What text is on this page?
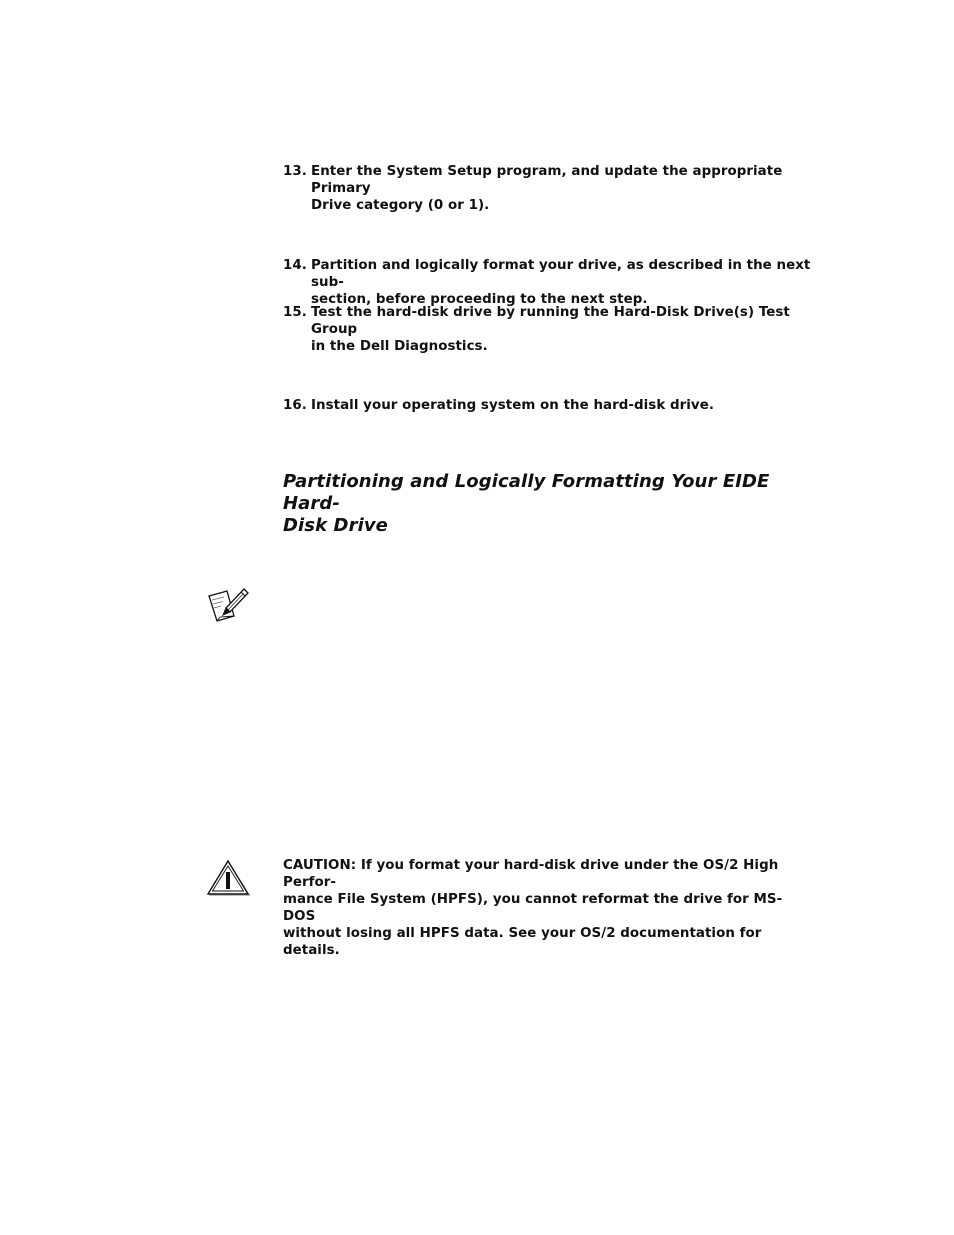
13. Enter the System Setup program, and update the appropriate Primary
Drive category (0 or 1).
14. Partition and logically format your drive, as described in the next sub-
section, before proceeding to the next step.
15. Test the hard-disk drive by running the Hard-Disk Drive(s) Test Group
in the Dell Diagnostics.
16. Install your operating system on the hard-disk drive.
Partitioning and Logically Formatting Your EIDE Hard-
Disk Drive
CAUTION: If you format your hard-disk drive under the OS/2 High Perfor-
mance File System (HPFS), you cannot reformat the drive for MS-DOS
without losing all HPFS data. See your OS/2 documentation for details.
